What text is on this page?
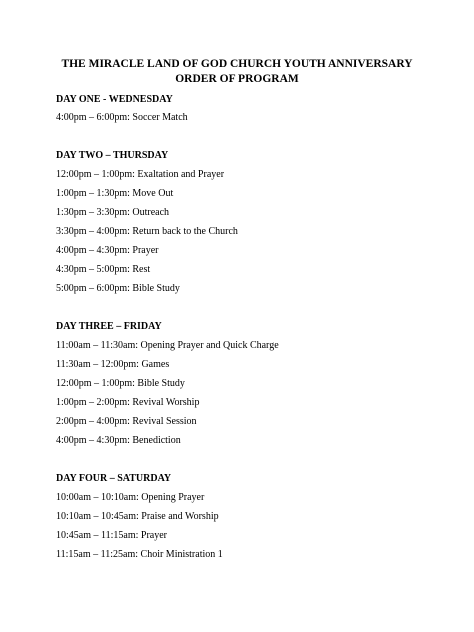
THE MIRACLE LAND OF GOD CHURCH YOUTH ANNIVERSARY
ORDER OF PROGRAM
DAY ONE - WEDNESDAY
4:00pm – 6:00pm: Soccer Match
DAY TWO – THURSDAY
12:00pm – 1:00pm: Exaltation and Prayer
1:00pm – 1:30pm: Move Out
1:30pm – 3:30pm: Outreach
3:30pm – 4:00pm: Return back to the Church
4:00pm – 4:30pm: Prayer
4:30pm – 5:00pm: Rest
5:00pm – 6:00pm: Bible Study
DAY THREE – FRIDAY
11:00am – 11:30am: Opening Prayer and Quick Charge
11:30am – 12:00pm: Games
12:00pm – 1:00pm: Bible Study
1:00pm – 2:00pm: Revival Worship
2:00pm – 4:00pm: Revival Session
4:00pm – 4:30pm: Benediction
DAY FOUR – SATURDAY
10:00am – 10:10am: Opening Prayer
10:10am – 10:45am: Praise and Worship
10:45am – 11:15am: Prayer
11:15am – 11:25am: Choir Ministration 1
